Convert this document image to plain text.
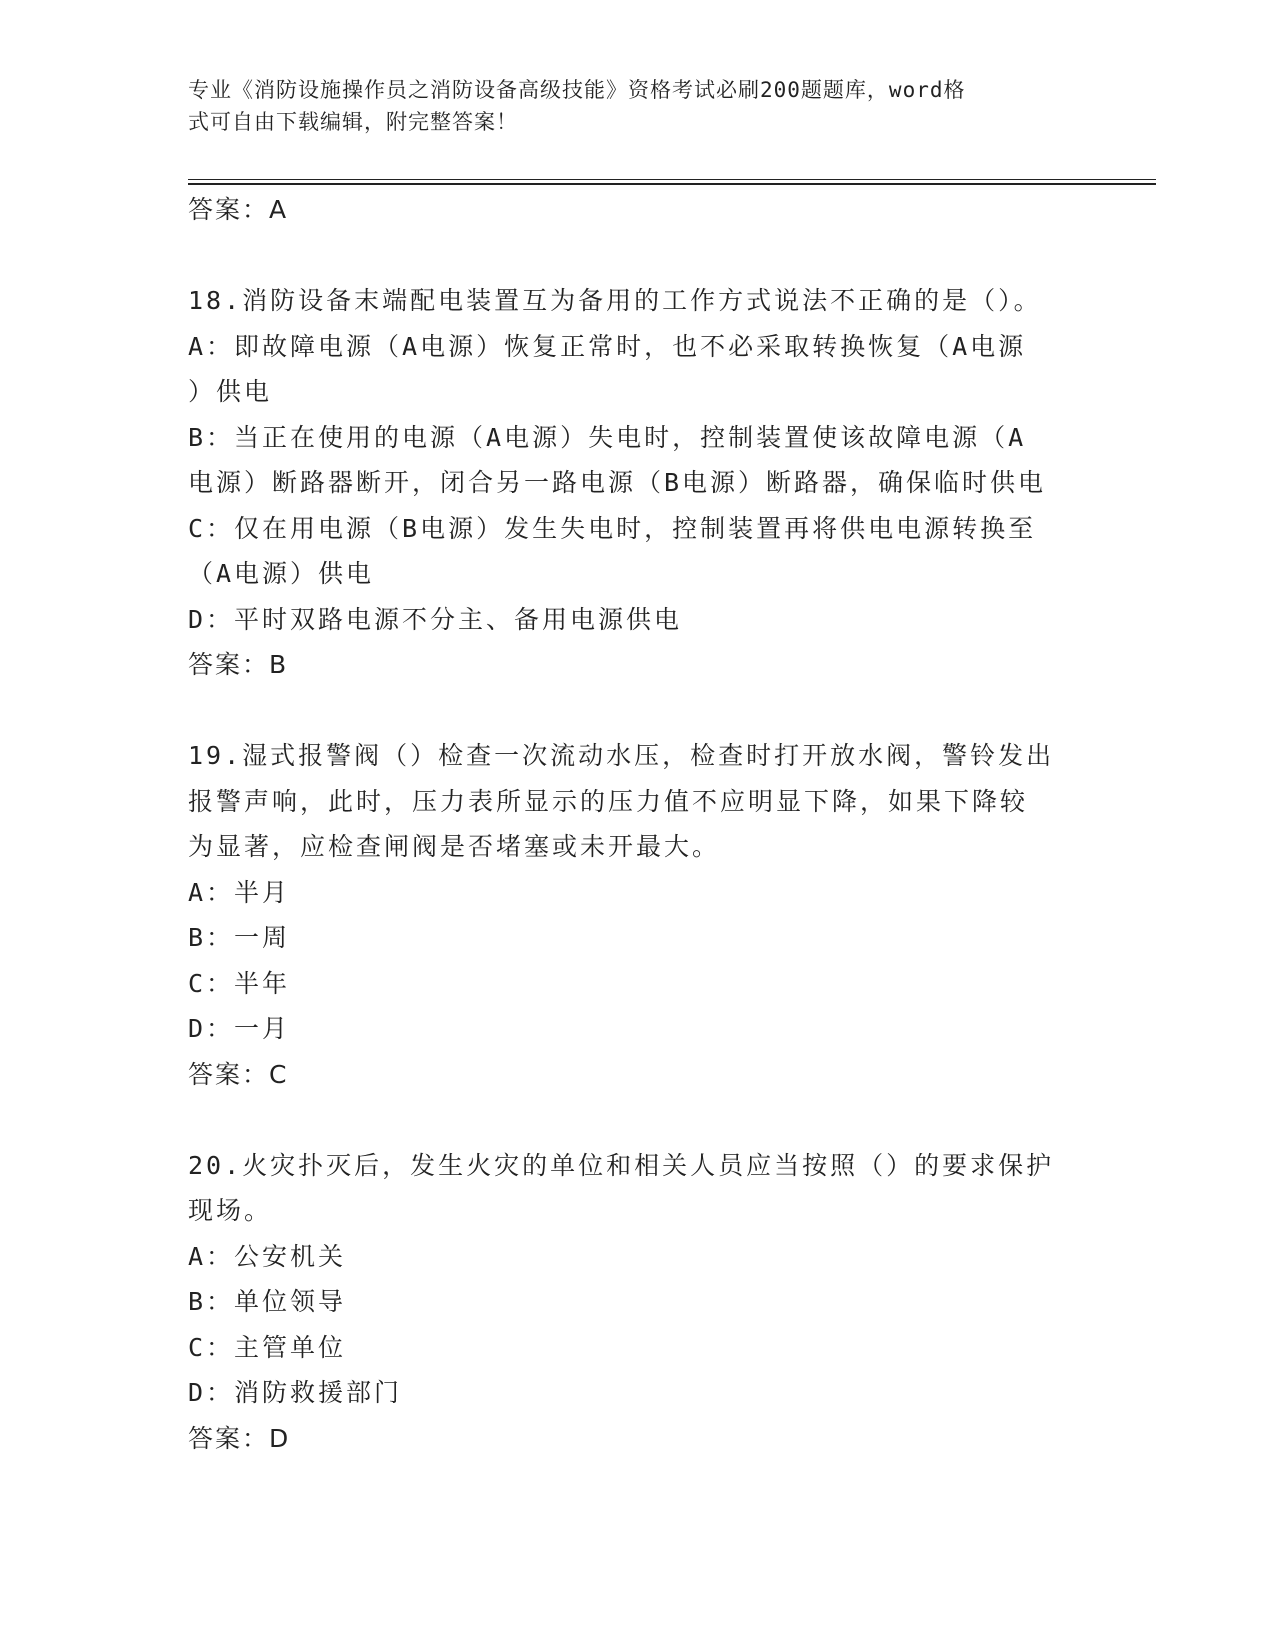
专业《消防设施操作员之消防设备高级技能》资格考试必刷200题题库，word格
式可自由下载编辑，附完整答案！
答案：A
18.消防设备末端配电装置互为备用的工作方式说法不正确的是（）。
A：即故障电源（A电源）恢复正常时，也不必采取转换恢复（A电源
）供电
B：当正在使用的电源（A电源）失电时，控制装置使该故障电源（A
电源）断路器断开，闭合另一路电源（B电源）断路器，确保临时供电
C：仅在用电源（B电源）发生失电时，控制装置再将供电电源转换至
（A电源）供电
D：平时双路电源不分主、备用电源供电
答案：B
19.湿式报警阀（）检查一次流动水压，检查时打开放水阀，警铃发出
报警声响，此时，压力表所显示的压力值不应明显下降，如果下降较
为显著，应检查闸阀是否堵塞或未开最大。
A：半月
B：一周
C：半年
D：一月
答案：C
20.火灾扑灭后，发生火灾的单位和相关人员应当按照（）的要求保护
现场。
A：公安机关
B：单位领导
C：主管单位
D：消防救援部门
答案：D
